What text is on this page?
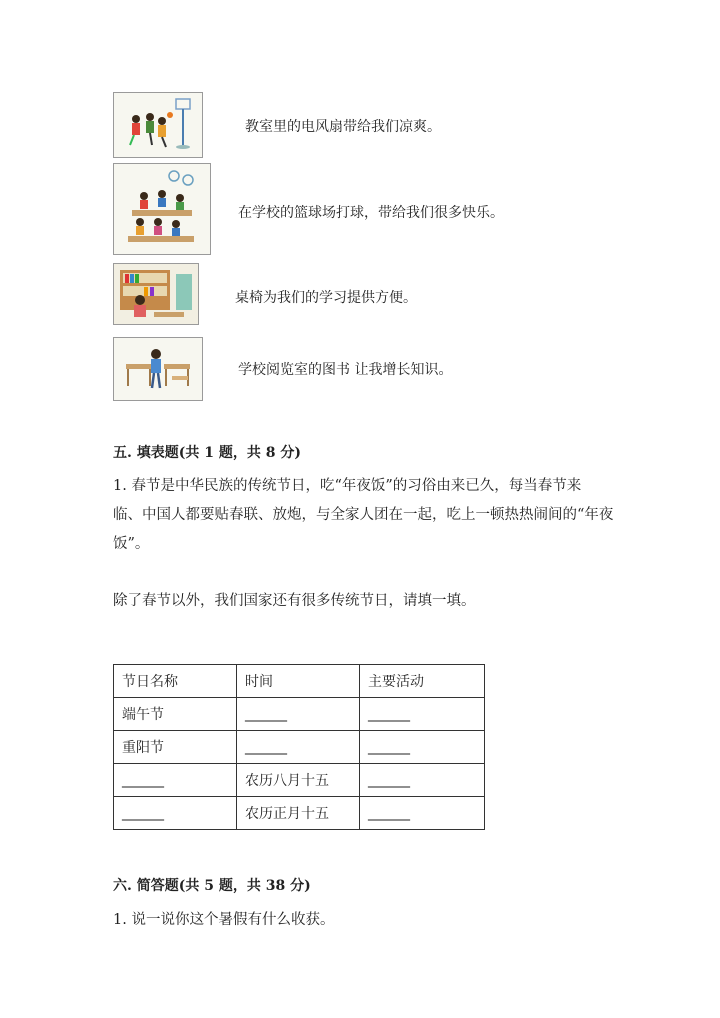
教室里的电风扇带给我们凉爽。
在学校的篮球场打球，带给我们很多快乐。
桌椅为我们的学习提供方便。
学校阅览室的图书 让我增长知识。
五. 填表题(共 1 题，共 8 分)
1. 春节是中华民族的传统节日，吃“年夜饭”的习俗由来已久，每当春节来
临、中国人都要贴春联、放炮，与全家人团在一起，吃上一顿热热闹间的“年夜
饭”。
除了春节以外，我们国家还有很多传统节日，请填一填。
节日名称	时间	主要活动
端午节	______	______
重阳节	______	______
______	农历八月十五	______
______	农历正月十五	______
六. 简答题(共 5 题，共 38 分)
1. 说一说你这个暑假有什么收获。
